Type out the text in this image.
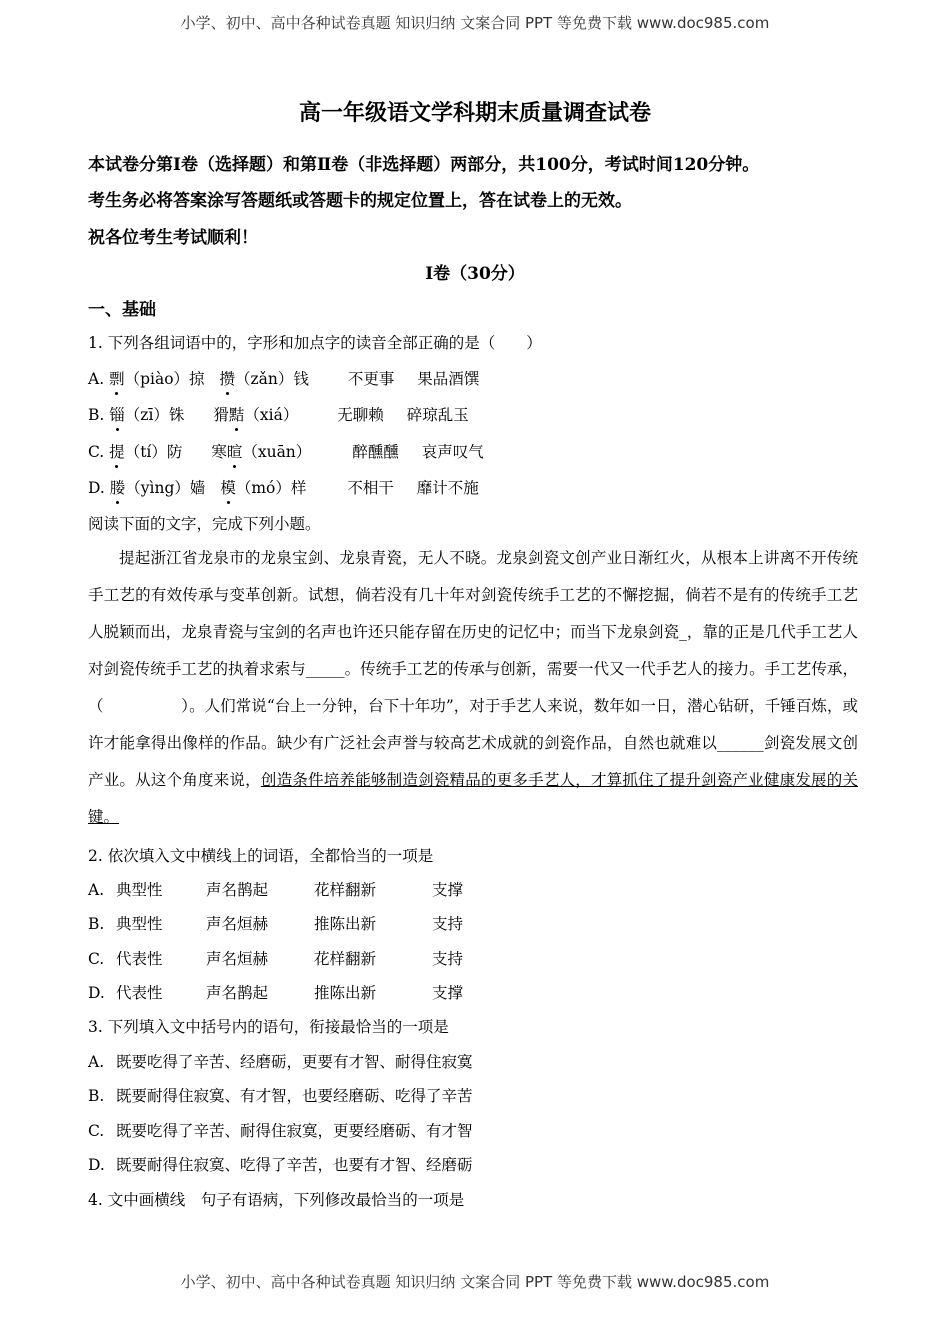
小学、初中、高中各种试卷真题 知识归纳 文案合同 PPT 等免费下载 www.doc985.com
高一年级语文学科期末质量调查试卷
本试卷分第Ⅰ卷（选择题）和第Ⅱ卷（非选择题）两部分，共100分，考试时间120分钟。
考生务必将答案涂写答题纸或答题卡的规定位置上，答在试卷上的无效。
祝各位考生考试顺利！
Ⅰ卷（30分）
一、基础
1. 下列各组词语中的，字形和加点字的读音全部正确的是（　　）
A. 剽（piào）掠 攒（zǎn）钱	不更事 果品酒馔
B. 锱（zī）铢 猾黠（xiá）	无聊赖 碎琼乱玉
C. 提（tí）防 寒暄（xuān）	醉醺醺 哀声叹气
D. 媵（yìng）嫱 模（mó）样	不相干 靡计不施
阅读下面的文字，完成下列小题。

提起浙江省龙泉市的龙泉宝剑、龙泉青瓷，无人不晓。龙泉剑瓷文创产业日渐红火，从根本上讲离不开传统手工艺的有效传承与变革创新。试想，倘若没有几十年对剑瓷传统手工艺的不懈挖掘，倘若不是有的传统手工艺人脱颖而出，龙泉青瓷与宝剑的名声也许还只能存留在历史的记忆中；而当下龙泉剑瓷_，靠的正是几代手工艺人对剑瓷传统手工艺的执着求索与_____。传统手工艺的传承与创新，需要一代又一代手艺人的接力。手工艺传承，（　　　　　）。人们常说“台上一分钟，台下十年功”，对于手艺人来说，数年如一日，潜心钻研，千锤百炼，或许才能拿得出像样的作品。缺少有广泛社会声誉与较高艺术成就的剑瓷作品，自然也就难以______剑瓷发展文创产业。从这个角度来说，创造条件培养能够制造剑瓷精品的更多手艺人，才算抓住了提升剑瓷产业健康发展的关键。

2. 依次填入文中横线上的词语，全都恰当的一项是
A. 典型性	声名鹊起	花样翻新	支撑
B. 典型性	声名烜赫	推陈出新	支持
C. 代表性	声名烜赫	花样翻新	支持
D. 代表性	声名鹊起	推陈出新	支撑
3. 下列填入文中括号内的语句，衔接最恰当的一项是
A. 既要吃得了辛苦、经磨砺，更要有才智、耐得住寂寞
B. 既要耐得住寂寞、有才智，也要经磨砺、吃得了辛苦
C. 既要吃得了辛苦、耐得住寂寞，更要经磨砺、有才智
D. 既要耐得住寂寞、吃得了辛苦，也要有才智、经磨砺
4. 文中画横线　句子有语病，下列修改最恰当的一项是
小学、初中、高中各种试卷真题 知识归纳 文案合同 PPT 等免费下载 www.doc985.com
